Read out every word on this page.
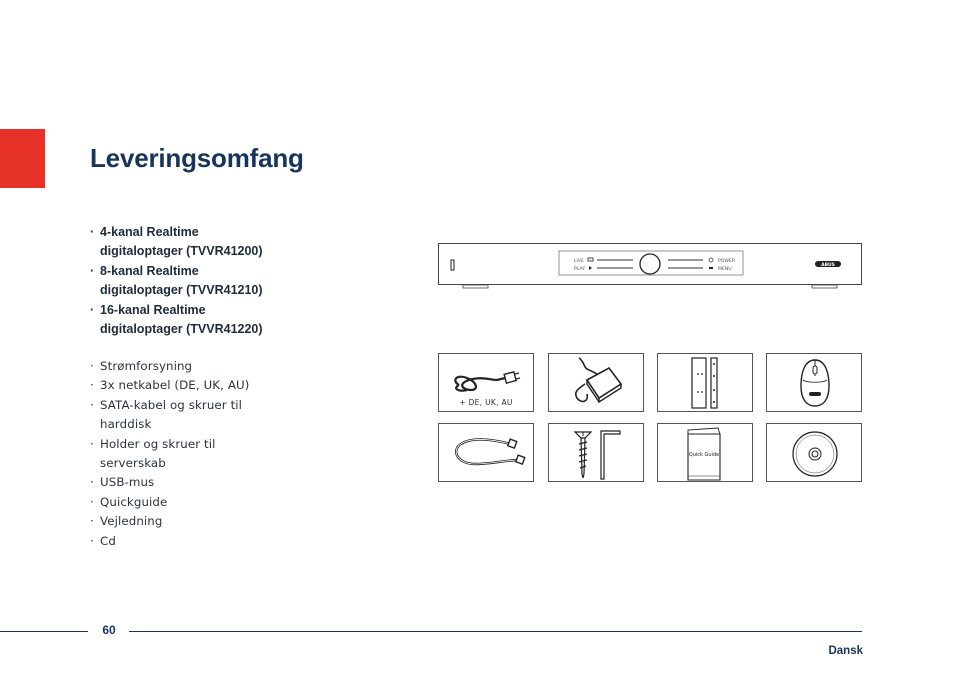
Leveringsomfang
· 4-kanal Realtime digitaloptager (TVVR41200)
· 8-kanal Realtime digitaloptager (TVVR41210)
· 16-kanal Realtime digitaloptager (TVVR41220)
· Strømforsyning
· 3x netkabel (DE, UK, AU)
· SATA-kabel og skruer til harddisk
· Holder og skruer til serverskab
· USB-mus
· Quickguide
· Vejledning
· Cd
LIVE
PLAY
POWER
MENU
ABUS
+ DE, UK, AU
Quick Guide
60
Dansk
